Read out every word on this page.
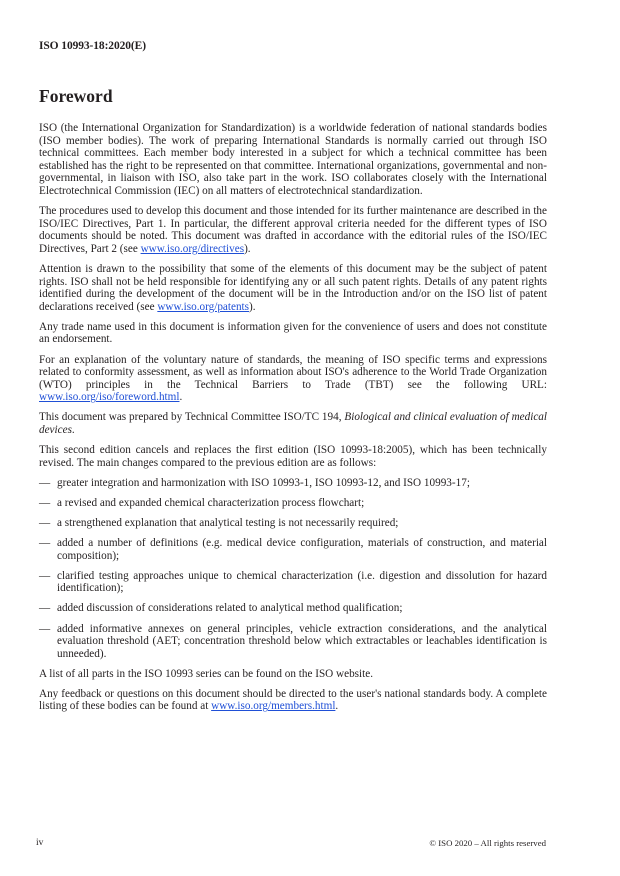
ISO 10993-18:2020(E)
Foreword

ISO (the International Organization for Standardization) is a worldwide federation of national standards bodies (ISO member bodies). The work of preparing International Standards is normally carried out through ISO technical committees. Each member body interested in a subject for which a technical committee has been established has the right to be represented on that committee. International organizations, governmental and non-governmental, in liaison with ISO, also take part in the work. ISO collaborates closely with the International Electrotechnical Commission (IEC) on all matters of electrotechnical standardization.

The procedures used to develop this document and those intended for its further maintenance are described in the ISO/IEC Directives, Part 1. In particular, the different approval criteria needed for the different types of ISO documents should be noted. This document was drafted in accordance with the editorial rules of the ISO/IEC Directives, Part 2 (see www.iso.org/directives).

Attention is drawn to the possibility that some of the elements of this document may be the subject of patent rights. ISO shall not be held responsible for identifying any or all such patent rights. Details of any patent rights identified during the development of the document will be in the Introduction and/or on the ISO list of patent declarations received (see www.iso.org/patents).

Any trade name used in this document is information given for the convenience of users and does not constitute an endorsement.

For an explanation of the voluntary nature of standards, the meaning of ISO specific terms and expressions related to conformity assessment, as well as information about ISO's adherence to the World Trade Organization (WTO) principles in the Technical Barriers to Trade (TBT) see the following URL: www.iso.org/iso/foreword.html.

This document was prepared by Technical Committee ISO/TC 194, Biological and clinical evaluation of medical devices.

This second edition cancels and replaces the first edition (ISO 10993-18:2005), which has been technically revised. The main changes compared to the previous edition are as follows:

— greater integration and harmonization with ISO 10993-1, ISO 10993-12, and ISO 10993-17;
— a revised and expanded chemical characterization process flowchart;
— a strengthened explanation that analytical testing is not necessarily required;
— added a number of definitions (e.g. medical device configuration, materials of construction, and material composition);
— clarified testing approaches unique to chemical characterization (i.e. digestion and dissolution for hazard identification);
— added discussion of considerations related to analytical method qualification;
— added informative annexes on general principles, vehicle extraction considerations, and the analytical evaluation threshold (AET; concentration threshold below which extractables or leachables identification is unneeded).

A list of all parts in the ISO 10993 series can be found on the ISO website.

Any feedback or questions on this document should be directed to the user's national standards body. A complete listing of these bodies can be found at www.iso.org/members.html.

iv	© ISO 2020 – All rights reserved
